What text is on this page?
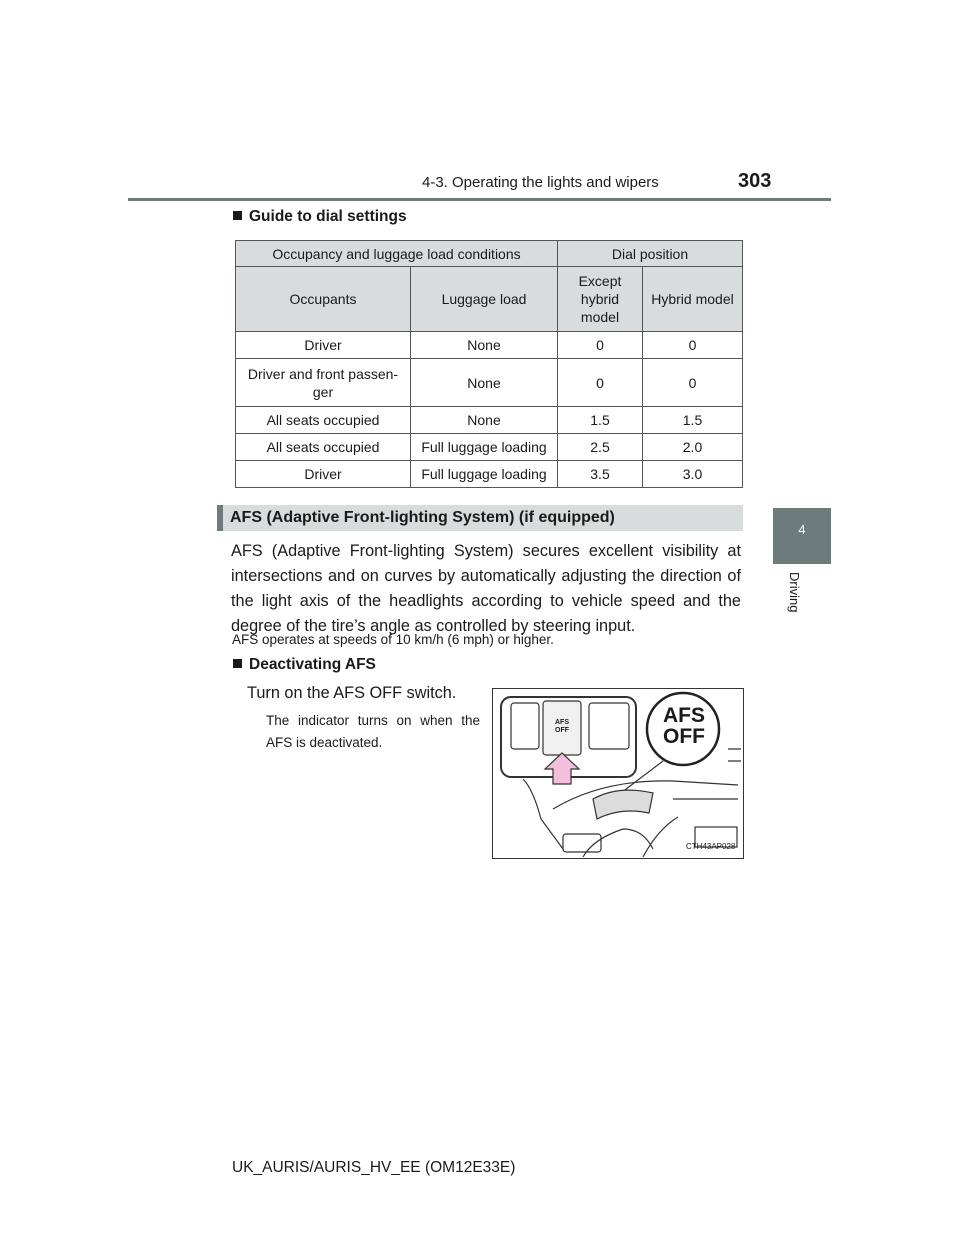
4-3. Operating the lights and wipers	303
4
Driving
Guide to dial settings
Occupancy and luggage load conditions		Dial position	
Occupants	Luggage load	Except hybrid model	Hybrid model
Driver	None	0	0
Driver and front passen- ger	None	0	0
All seats occupied	None	1.5	1.5
All seats occupied	Full luggage loading	2.5	2.0
Driver	Full luggage loading	3.5	3.0
AFS (Adaptive Front-lighting System) (if equipped)
AFS (Adaptive Front-lighting System) secures excellent visibility at intersections and on curves by automatically adjusting the direction of the light axis of the headlights according to vehicle speed and the degree of the tire’s angle as controlled by steering input.
AFS operates at speeds of 10 km/h (6 mph) or higher.
Deactivating AFS
Turn on the AFS OFF switch.
The indicator turns on when the AFS is deactivated.
AFS
OFF
AFS
OFF
CTH43AP028
UK_AURIS/AURIS_HV_EE (OM12E33E)
